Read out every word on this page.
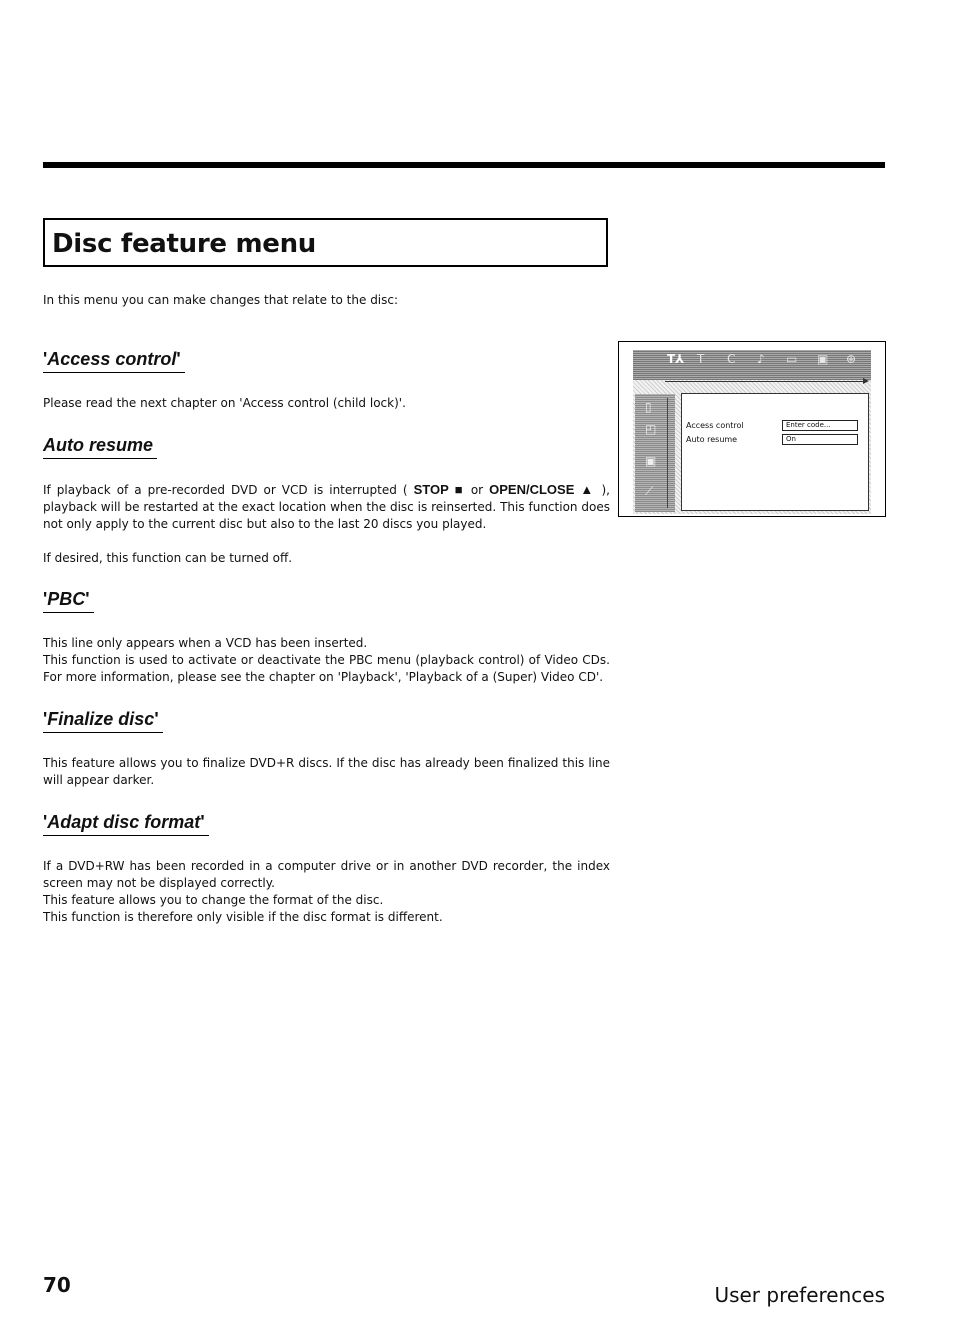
Disc feature menu

In this menu you can make changes that relate to the disc:

'Access control'

Please read the next chapter on 'Access control (child lock)'.

Auto resume

If playback of a pre-recorded DVD or VCD is interrupted ( STOP ■ or OPEN/CLOSE ▲ ), playback will be restarted at the exact location when the disc is reinserted. This function does not only apply to the current disc but also to the last 20 discs you played.

If desired, this function can be turned off.

'PBC'

This line only appears when a VCD has been inserted.

This function is used to activate or deactivate the PBC menu (playback control) of Video CDs. For more information, please see the chapter on 'Playback', 'Playback of a (Super) Video CD'.

'Finalize disc'

This feature allows you to finalize DVD+R discs. If the disc has already been finalized this line will appear darker.

'Adapt disc format'

If a DVD+RW has been recorded in a computer drive or in another DVD recorder, the index screen may not be displayed correctly.

This feature allows you to change the format of the disc.

This function is therefore only visible if the disc format is different.

T⅄ T C ♪ ▭ ▣ ⊕
▯
◰
▣
⟋
Access control	Enter code...
Auto resume	On
70	User preferences
